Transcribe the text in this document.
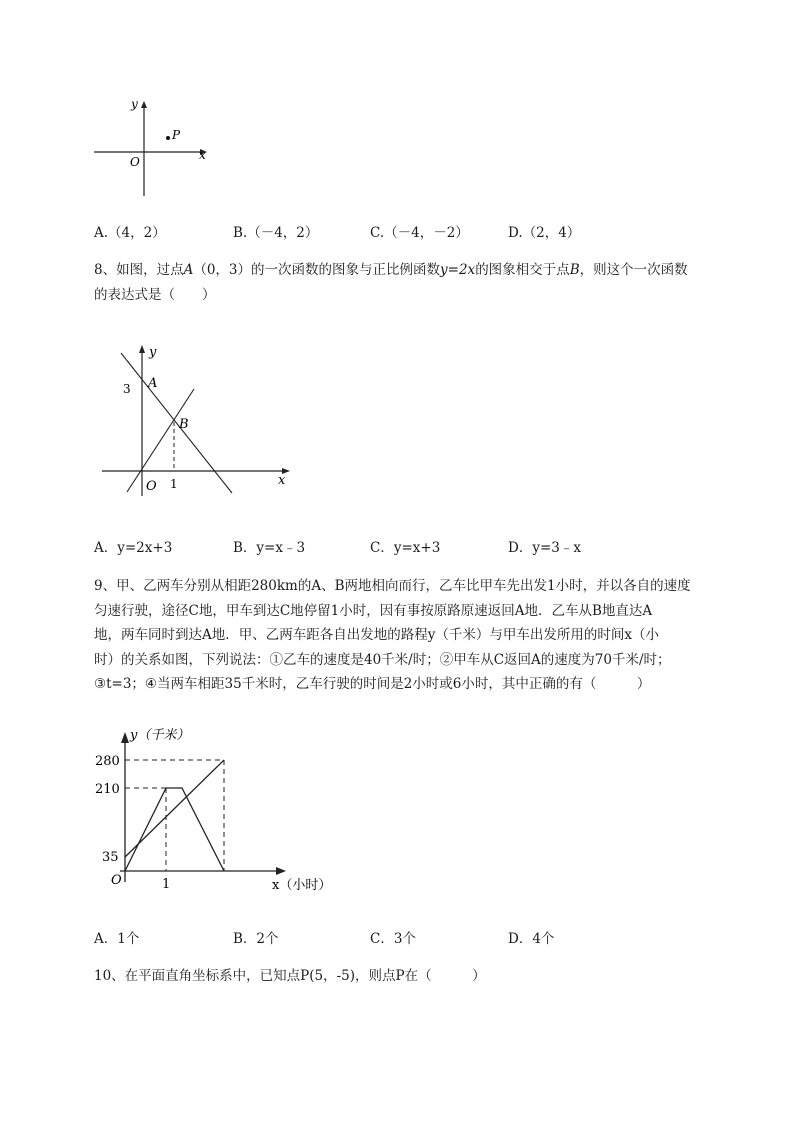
y
x
O
P
A.（4，2）	B.（－4，2）	C.（－4，－2）	D.（2，4）

8、如图，过点A（0，3）的一次函数的图象与正比例函数y=2x的图象相交于点B，则这个一次函数

的表达式是（　　）

y
x
O
A
B
3
1
A．y=2x+3	B．y=x﹣3	C．y=x+3	D．y=3﹣x

9、甲、乙两车分别从相距280km的A、B两地相向而行，乙车比甲车先出发1小时，并以各自的速度

匀速行驶，途径C地，甲车到达C地停留1小时，因有事按原路原速返回A地．乙车从B地直达A

地，两车同时到达A地．甲、乙两车距各自出发地的路程y（千米）与甲车出发所用的时间x（小

时）的关系如图，下列说法：①乙车的速度是40千米/时；②甲车从C返回A的速度为70千米/时；

③t=3；④当两车相距35千米时，乙车行驶的时间是2小时或6小时，其中正确的有（　　　）

y（千米）
x（小时）
O
280
210
35
1
A．1个	B．2个	C．3个	D．4个

10、在平面直角坐标系中，已知点P(5，-5)，则点P在（　　　）
